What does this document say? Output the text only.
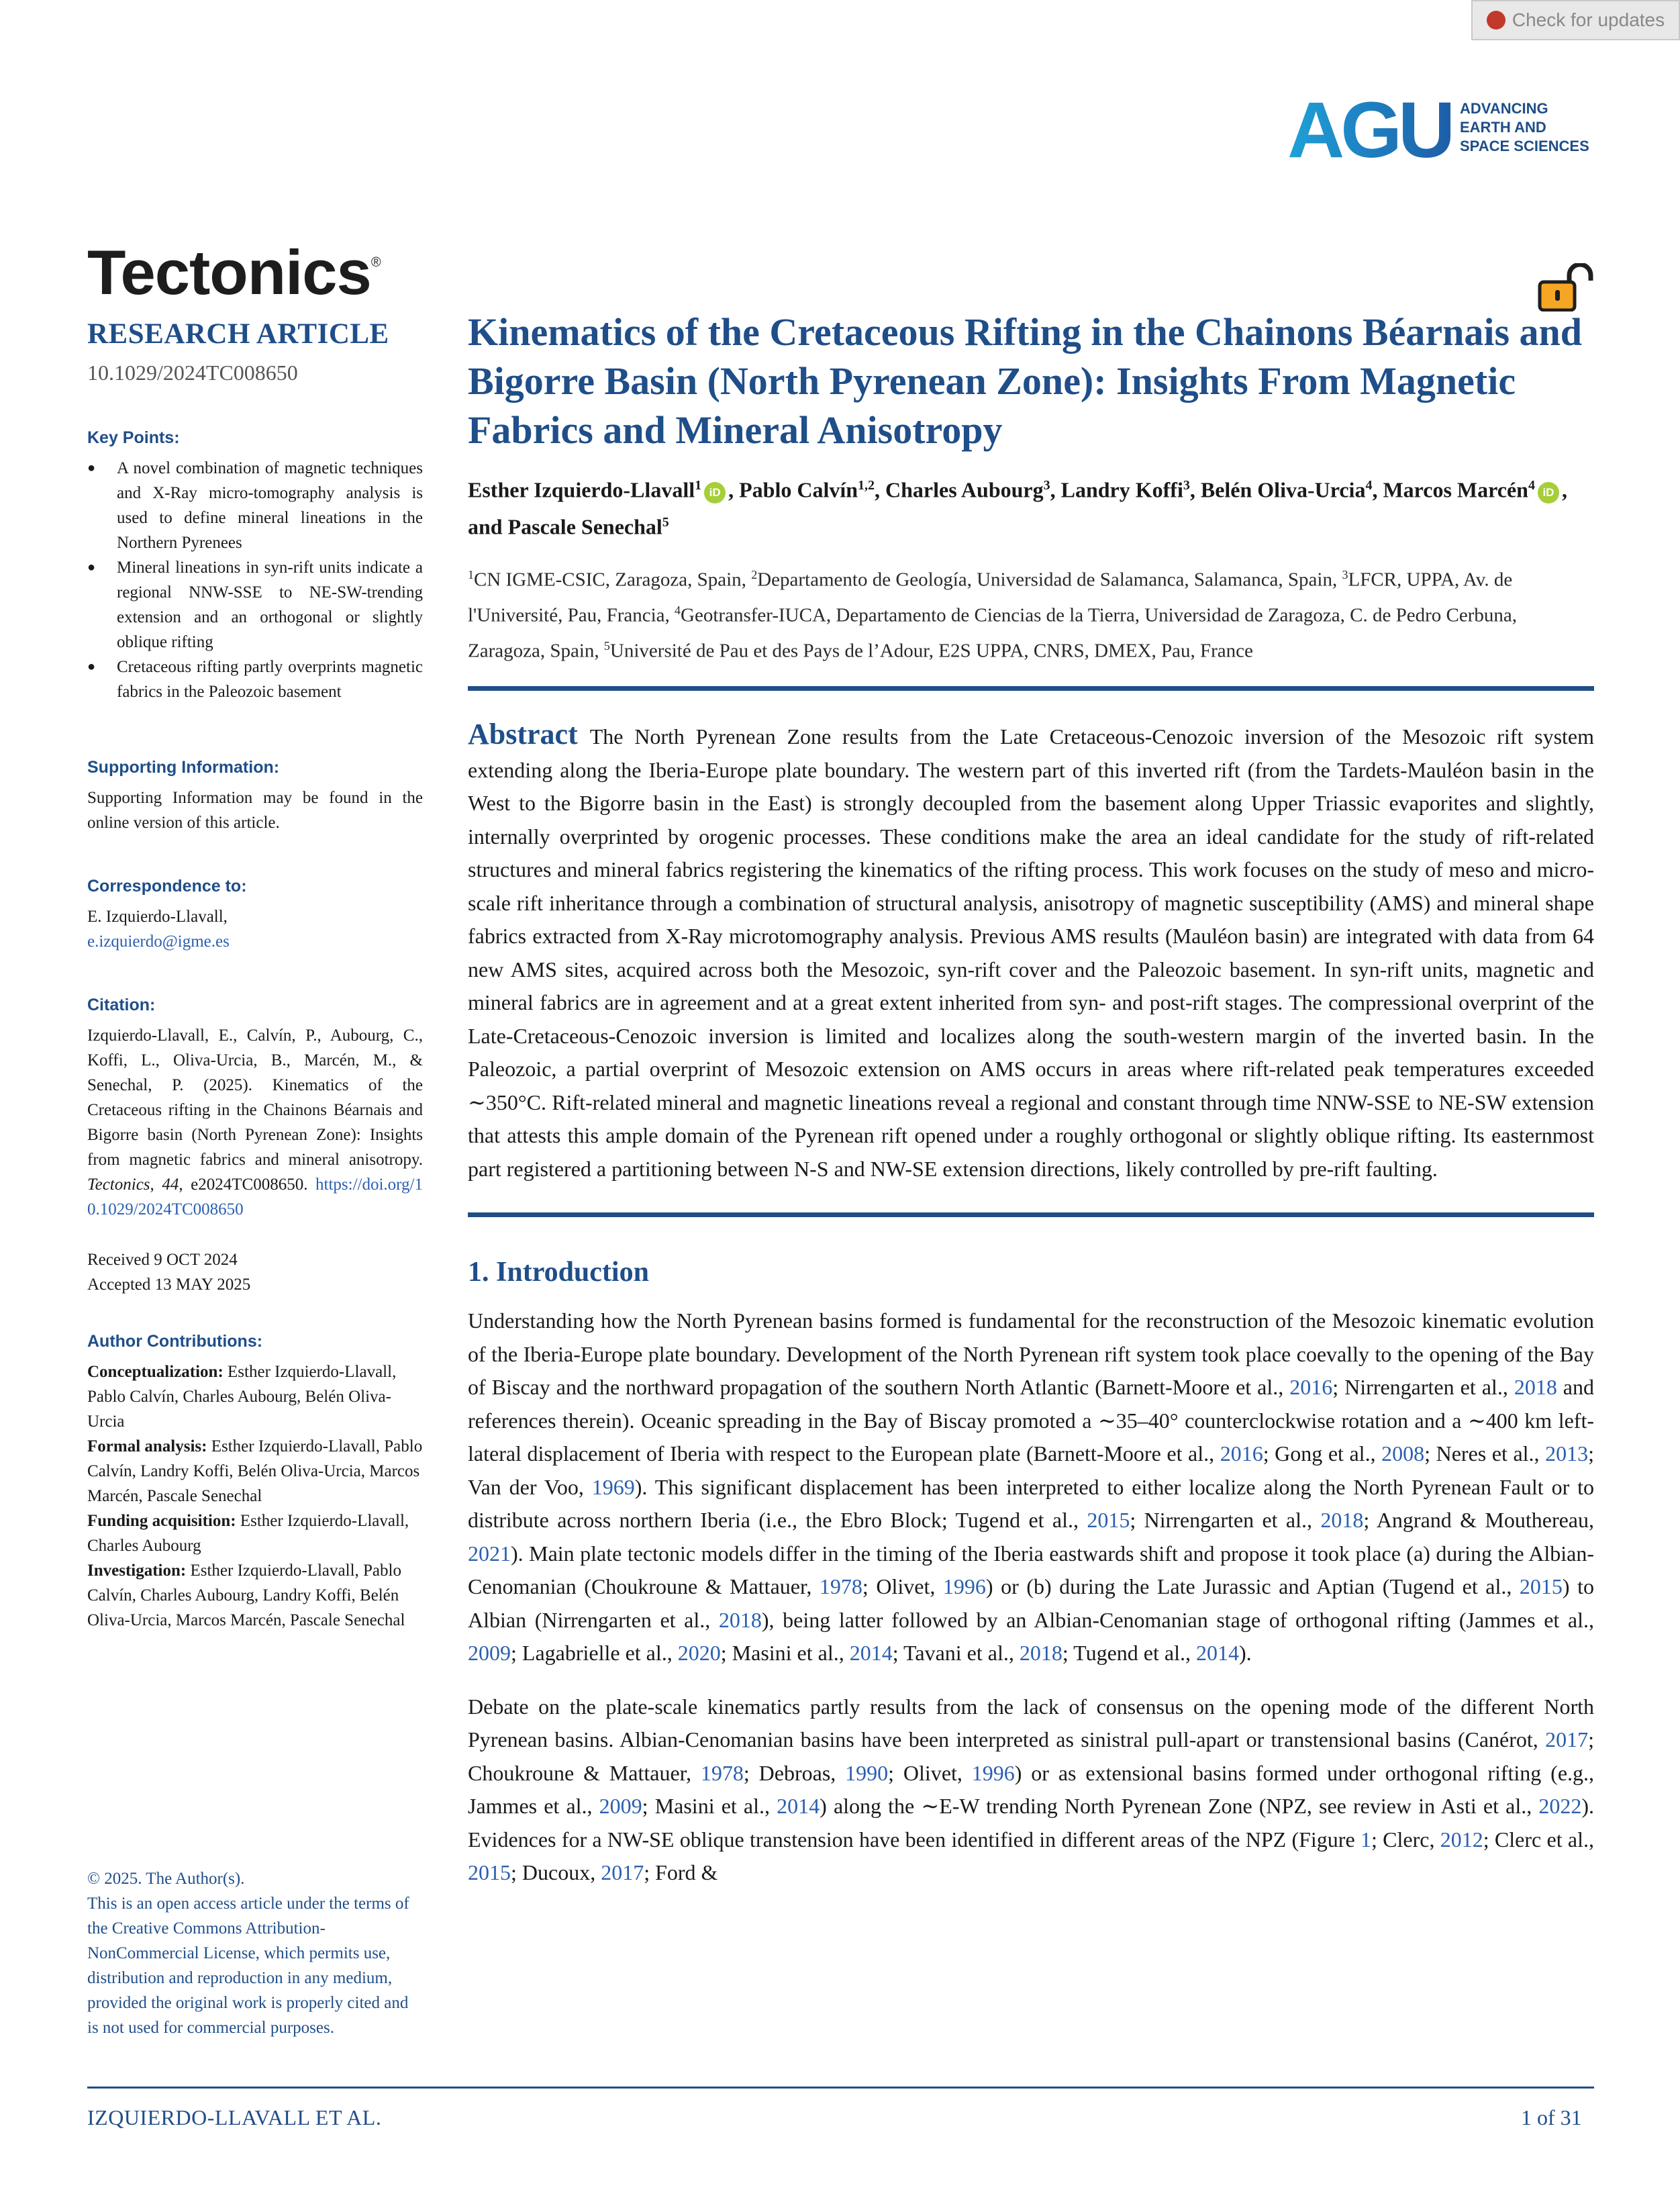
Check for updates
AGU ADVANCING
EARTH AND
SPACE SCIENCES
Tectonics®
RESEARCH ARTICLE
10.1029/2024TC008650
Key Points:
● A novel combination of magnetic techniques and X-Ray micro-tomography analysis is used to define mineral lineations in the Northern Pyrenees
● Mineral lineations in syn-rift units indicate a regional NNW-SSE to NE-SW-trending extension and an orthogonal or slightly oblique rifting
● Cretaceous rifting partly overprints magnetic fabrics in the Paleozoic basement
Supporting Information:
Supporting Information may be found in the online version of this article.
Correspondence to:
E. Izquierdo-Llavall,
e.izquierdo@igme.es
Citation:
Izquierdo-Llavall, E., Calvín, P., Aubourg, C., Koffi, L., Oliva-Urcia, B., Marcén, M., & Senechal, P. (2025). Kinematics of the Cretaceous rifting in the Chainons Béarnais and Bigorre basin (North Pyrenean Zone): Insights from magnetic fabrics and mineral anisotropy. Tectonics, 44, e2024TC008650. https://doi.org/10.1029/2024TC008650
Received 9 OCT 2024
Accepted 13 MAY 2025
Author Contributions:
Conceptualization: Esther Izquierdo-Llavall, Pablo Calvín, Charles Aubourg, Belén Oliva-Urcia
Formal analysis: Esther Izquierdo-Llavall, Pablo Calvín, Landry Koffi, Belén Oliva-Urcia, Marcos Marcén, Pascale Senechal
Funding acquisition: Esther Izquierdo-Llavall, Charles Aubourg
Investigation: Esther Izquierdo-Llavall, Pablo Calvín, Charles Aubourg, Landry Koffi, Belén Oliva-Urcia, Marcos Marcén, Pascale Senechal
© 2025. The Author(s).
This is an open access article under the terms of the Creative Commons Attribution-NonCommercial License, which permits use, distribution and reproduction in any medium, provided the original work is properly cited and is not used for commercial purposes.
Kinematics of the Cretaceous Rifting in the Chainons Béarnais and Bigorre Basin (North Pyrenean Zone): Insights From Magnetic Fabrics and Mineral Anisotropy
Esther Izquierdo-Llavall$^1$ iD , Pablo Calvín$^{1,2}$, Charles Aubourg$^3$, Landry Koffi$^3$, Belén Oliva-Urcia$^4$, Marcos Marcén$^4$ iD , and Pascale Senechal$^5$
$^1$CN IGME-CSIC, Zaragoza, Spain, $^2$Departamento de Geología, Universidad de Salamanca, Salamanca, Spain, $^3$LFCR, UPPA, Av. de l'Université, Pau, Francia, $^4$Geotransfer-IUCA, Departamento de Ciencias de la Tierra, Universidad de Zaragoza, C. de Pedro Cerbuna, Zaragoza, Spain, $^5$Université de Pau et des Pays de l’Adour, E2S UPPA, CNRS, DMEX, Pau, France
Abstract The North Pyrenean Zone results from the Late Cretaceous-Cenozoic inversion of the Mesozoic rift system extending along the Iberia-Europe plate boundary. The western part of this inverted rift (from the Tardets-Mauléon basin in the West to the Bigorre basin in the East) is strongly decoupled from the basement along Upper Triassic evaporites and slightly, internally overprinted by orogenic processes. These conditions make the area an ideal candidate for the study of rift-related structures and mineral fabrics registering the kinematics of the rifting process. This work focuses on the study of meso and micro-scale rift inheritance through a combination of structural analysis, anisotropy of magnetic susceptibility (AMS) and mineral shape fabrics extracted from X-Ray microtomography analysis. Previous AMS results (Mauléon basin) are integrated with data from 64 new AMS sites, acquired across both the Mesozoic, syn-rift cover and the Paleozoic basement. In syn-rift units, magnetic and mineral fabrics are in agreement and at a great extent inherited from syn- and post-rift stages. The compressional overprint of the Late-Cretaceous-Cenozoic inversion is limited and localizes along the south-western margin of the inverted basin. In the Paleozoic, a partial overprint of Mesozoic extension on AMS occurs in areas where rift-related peak temperatures exceeded ∼350°C. Rift-related mineral and magnetic lineations reveal a regional and constant through time NNW-SSE to NE-SW extension that attests this ample domain of the Pyrenean rift opened under a roughly orthogonal or slightly oblique rifting. Its easternmost part registered a partitioning between N-S and NW-SE extension directions, likely controlled by pre-rift faulting.
1. Introduction
Understanding how the North Pyrenean basins formed is fundamental for the reconstruction of the Mesozoic kinematic evolution of the Iberia-Europe plate boundary. Development of the North Pyrenean rift system took place coevally to the opening of the Bay of Biscay and the northward propagation of the southern North Atlantic (Barnett-Moore et al., 2016; Nirrengarten et al., 2018 and references therein). Oceanic spreading in the Bay of Biscay promoted a ∼35–40° counterclockwise rotation and a ∼400 km left-lateral displacement of Iberia with respect to the European plate (Barnett-Moore et al., 2016; Gong et al., 2008; Neres et al., 2013; Van der Voo, 1969). This significant displacement has been interpreted to either localize along the North Pyrenean Fault or to distribute across northern Iberia (i.e., the Ebro Block; Tugend et al., 2015; Nirrengarten et al., 2018; Angrand & Mouthereau, 2021). Main plate tectonic models differ in the timing of the Iberia eastwards shift and propose it took place (a) during the Albian-Cenomanian (Choukroune & Mattauer, 1978; Olivet, 1996) or (b) during the Late Jurassic and Aptian (Tugend et al., 2015) to Albian (Nirrengarten et al., 2018), being latter followed by an Albian-Cenomanian stage of orthogonal rifting (Jammes et al., 2009; Lagabrielle et al., 2020; Masini et al., 2014; Tavani et al., 2018; Tugend et al., 2014).
Debate on the plate-scale kinematics partly results from the lack of consensus on the opening mode of the different North Pyrenean basins. Albian-Cenomanian basins have been interpreted as sinistral pull-apart or transtensional basins (Canérot, 2017; Choukroune & Mattauer, 1978; Debroas, 1990; Olivet, 1996) or as extensional basins formed under orthogonal rifting (e.g., Jammes et al., 2009; Masini et al., 2014) along the ∼E-W trending North Pyrenean Zone (NPZ, see review in Asti et al., 2022). Evidences for a NW-SE oblique transtension have been identified in different areas of the NPZ (Figure 1; Clerc, 2012; Clerc et al., 2015; Ducoux, 2017; Ford &
IZQUIERDO-LLAVALL ET AL.	1 of 31
